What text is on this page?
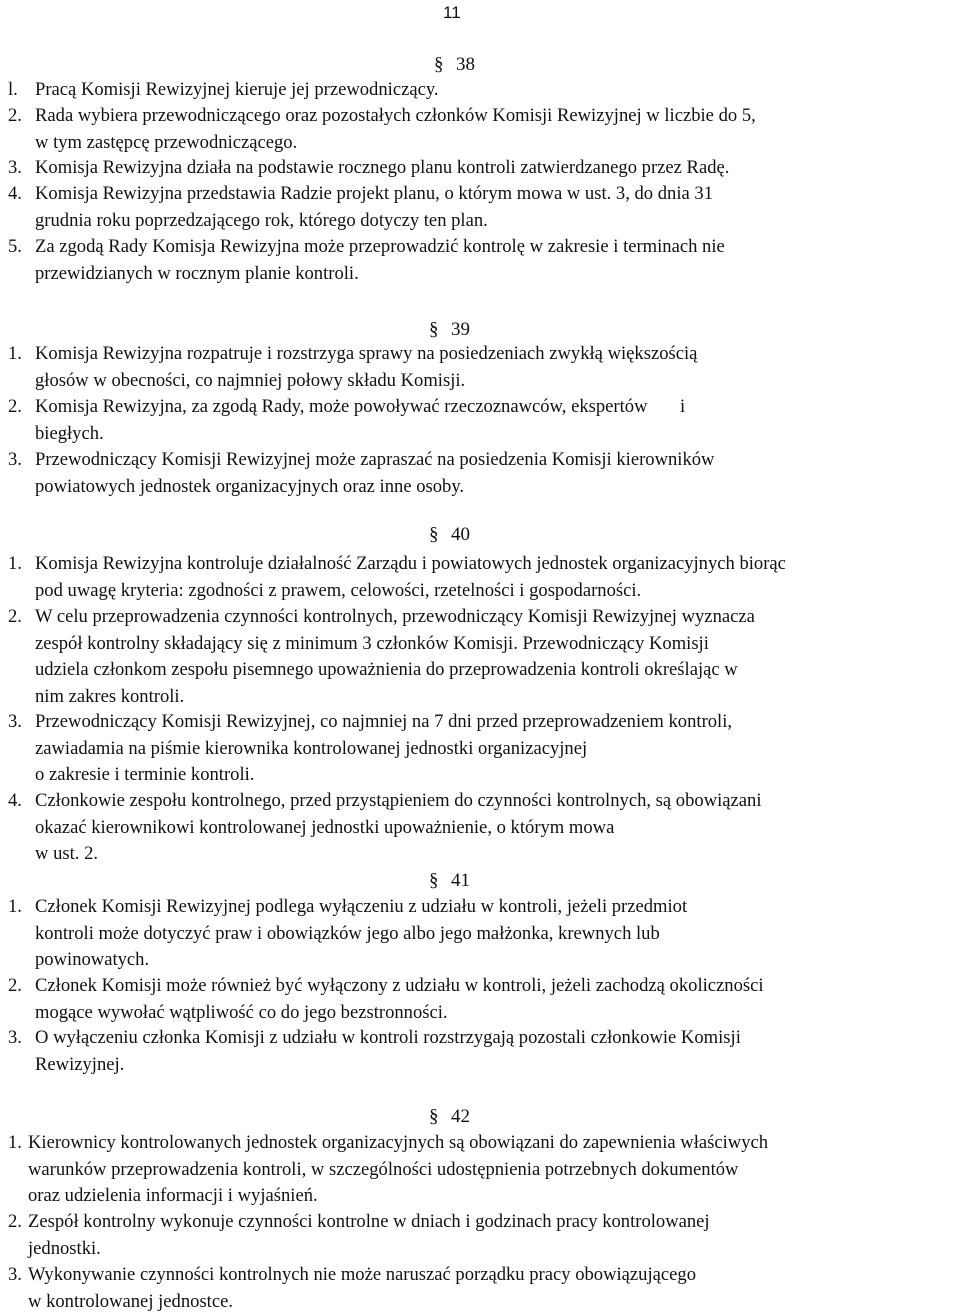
11
§ 38
l. Pracą Komisji Rewizyjnej kieruje jej przewodniczący.
2. Rada wybiera przewodniczącego oraz pozostałych członków Komisji Rewizyjnej w liczbie do 5,
w tym zastępcę przewodniczącego.
3. Komisja Rewizyjna działa na podstawie rocznego planu kontroli zatwierdzanego przez Radę.
4. Komisja Rewizyjna przedstawia Radzie projekt planu, o którym mowa w ust. 3, do dnia 31
grudnia roku poprzedzającego rok, którego dotyczy ten plan.
5. Za zgodą Rady Komisja Rewizyjna może przeprowadzić kontrolę w zakresie i terminach nie
przewidzianych w rocznym planie kontroli.
§ 39
1. Komisja Rewizyjna rozpatruje i rozstrzyga sprawy na posiedzeniach zwykłą większością
głosów w obecności, co najmniej połowy składu Komisji.
2. Komisja Rewizyjna, za zgodą Rady, może powoływać rzeczoznawców, ekspertów       i
biegłych.
3. Przewodniczący Komisji Rewizyjnej może zapraszać na posiedzenia Komisji kierowników
powiatowych jednostek organizacyjnych oraz inne osoby.
§ 40
1. Komisja Rewizyjna kontroluje działalność Zarządu i powiatowych jednostek organizacyjnych biorąc
pod uwagę kryteria: zgodności z prawem, celowości, rzetelności i gospodarności.
2. W celu przeprowadzenia czynności kontrolnych, przewodniczący Komisji Rewizyjnej wyznacza
zespół kontrolny składający się z minimum 3 członków Komisji. Przewodniczący Komisji
udziela członkom zespołu pisemnego upoważnienia do przeprowadzenia kontroli określając w
nim zakres kontroli.
3. Przewodniczący Komisji Rewizyjnej, co najmniej na 7 dni przed przeprowadzeniem kontroli,
zawiadamia na piśmie kierownika kontrolowanej jednostki organizacyjnej
o zakresie i terminie kontroli.
4. Członkowie zespołu kontrolnego, przed przystąpieniem do czynności kontrolnych, są obowiązani
okazać kierownikowi kontrolowanej jednostki upoważnienie, o którym mowa
w ust. 2.
§ 41
1. Członek Komisji Rewizyjnej podlega wyłączeniu z udziału w kontroli, jeżeli przedmiot
kontroli może dotyczyć praw i obowiązków jego albo jego małżonka, krewnych lub
powinowatych.
2. Członek Komisji może również być wyłączony z udziału w kontroli, jeżeli zachodzą okoliczności
mogące wywołać wątpliwość co do jego bezstronności.
3. O wyłączeniu członka Komisji z udziału w kontroli rozstrzygają pozostali członkowie Komisji
Rewizyjnej.
§ 42
1. Kierownicy kontrolowanych jednostek organizacyjnych są obowiązani do zapewnienia właściwych
warunków przeprowadzenia kontroli, w szczególności udostępnienia potrzebnych dokumentów
oraz udzielenia informacji i wyjaśnień.
2. Zespół kontrolny wykonuje czynności kontrolne w dniach i godzinach pracy kontrolowanej
jednostki.
3. Wykonywanie czynności kontrolnych nie może naruszać porządku pracy obowiązującego
w kontrolowanej jednostce.
